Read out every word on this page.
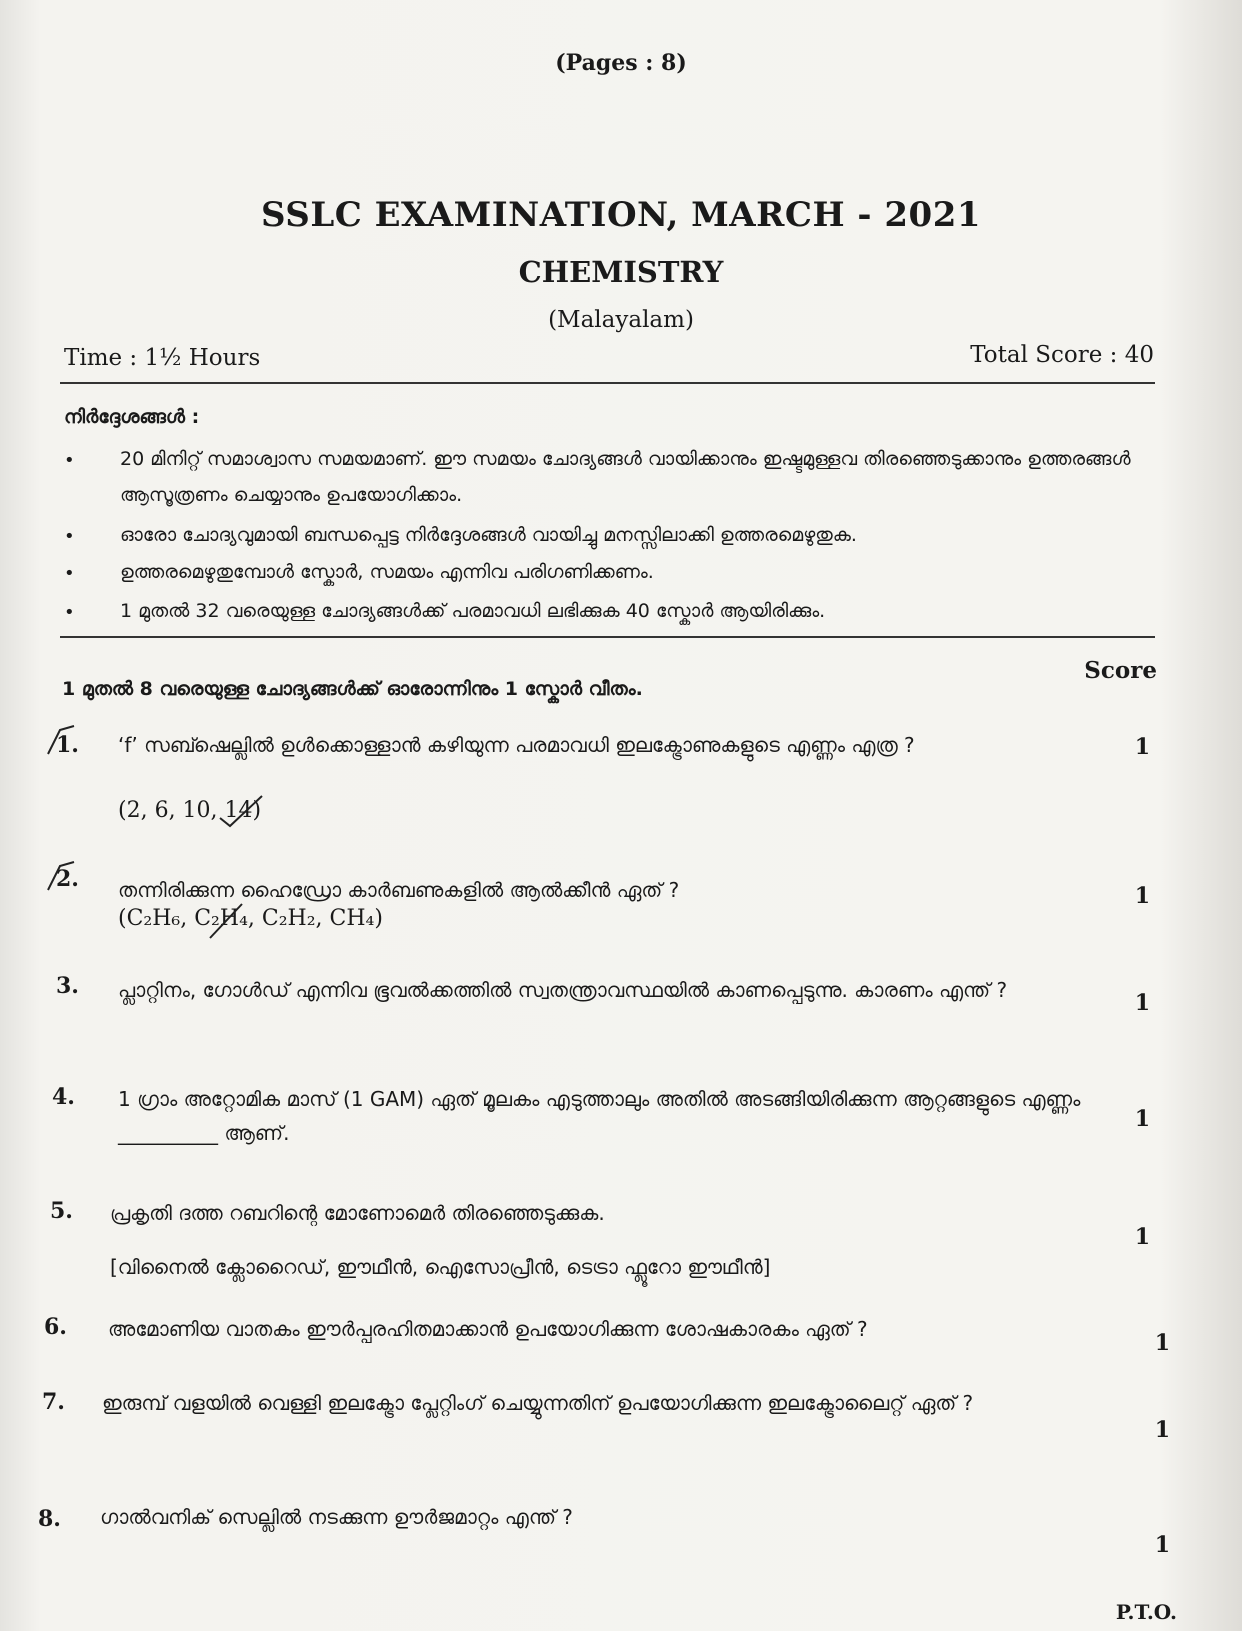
(Pages : 8)
SSLC EXAMINATION, MARCH - 2021
CHEMISTRY
(Malayalam)
Time : 1½ Hours	Total Score : 40
നിർദ്ദേശങ്ങൾ :
• 20 മിനിറ്റ് സമാശ്വാസ സമയമാണ്. ഈ സമയം ചോദ്യങ്ങൾ വായിക്കാനും ഇഷ്ടമുള്ളവ തിരഞ്ഞെടുക്കാനും ഉത്തരങ്ങൾ ആസൂത്രണം ചെയ്യാനും ഉപയോഗിക്കാം.
• ഓരോ ചോദ്യവുമായി ബന്ധപ്പെട്ട നിർദ്ദേശങ്ങൾ വായിച്ചു മനസ്സിലാക്കി ഉത്തരമെഴുതുക.
• ഉത്തരമെഴുതുമ്പോൾ സ്കോർ, സമയം എന്നിവ പരിഗണിക്കണം.
• 1 മുതൽ 32 വരെയുള്ള ചോദ്യങ്ങൾക്ക് പരമാവധി ലഭിക്കുക 40 സ്കോർ ആയിരിക്കും.
Score
1 മുതൽ 8 വരെയുള്ള ചോദ്യങ്ങൾക്ക് ഓരോന്നിനും 1 സ്കോർ വീതം.
1.	‘f’ സബ്ഷെല്ലിൽ ഉൾക്കൊള്ളാൻ കഴിയുന്ന പരമാവധി ഇലക്ട്രോണുകളുടെ എണ്ണം എത്ര ?
(2, 6, 10, 14)
1
2.	തന്നിരിക്കുന്ന ഹൈഡ്രോ കാർബണുകളിൽ ആൽക്കീൻ ഏത് ?
(C₂H₆, C₂H₄, C₂H₂, CH₄)
1
3.	പ്ലാറ്റിനം, ഗോൾഡ് എന്നിവ ഭൂവൽക്കത്തിൽ സ്വതന്ത്രാവസ്ഥയിൽ കാണപ്പെടുന്നു. കാരണം എന്ത് ?	1
4.	1 ഗ്രാം അറ്റോമിക മാസ് (1 GAM) ഏത് മൂലകം എടുത്താലും അതിൽ അടങ്ങിയിരിക്കുന്ന ആറ്റങ്ങളുടെ എണ്ണം __________ ആണ്.
1
5.	പ്രകൃതി ദത്ത റബറിന്റെ മോണോമെർ തിരഞ്ഞെടുക്കുക.
[വിനൈൽ ക്ലോറൈഡ്, ഈഥീൻ, ഐസോപ്രീൻ, ടെട്രാ ഫ്ലൂറോ ഈഥീൻ]
1
6.	അമോണിയ വാതകം ഈർപ്പരഹിതമാക്കാൻ ഉപയോഗിക്കുന്ന ശോഷകാരകം ഏത് ?
1
7.	ഇരുമ്പ് വളയിൽ വെള്ളി ഇലക്ട്രോ പ്ലേറ്റിംഗ് ചെയ്യുന്നതിന് ഉപയോഗിക്കുന്ന ഇലക്ട്രോലൈറ്റ് ഏത് ?
1
8.	ഗാൽവനിക് സെല്ലിൽ നടക്കുന്ന ഊർജമാറ്റം എന്ത് ?
1
P.T.O.
